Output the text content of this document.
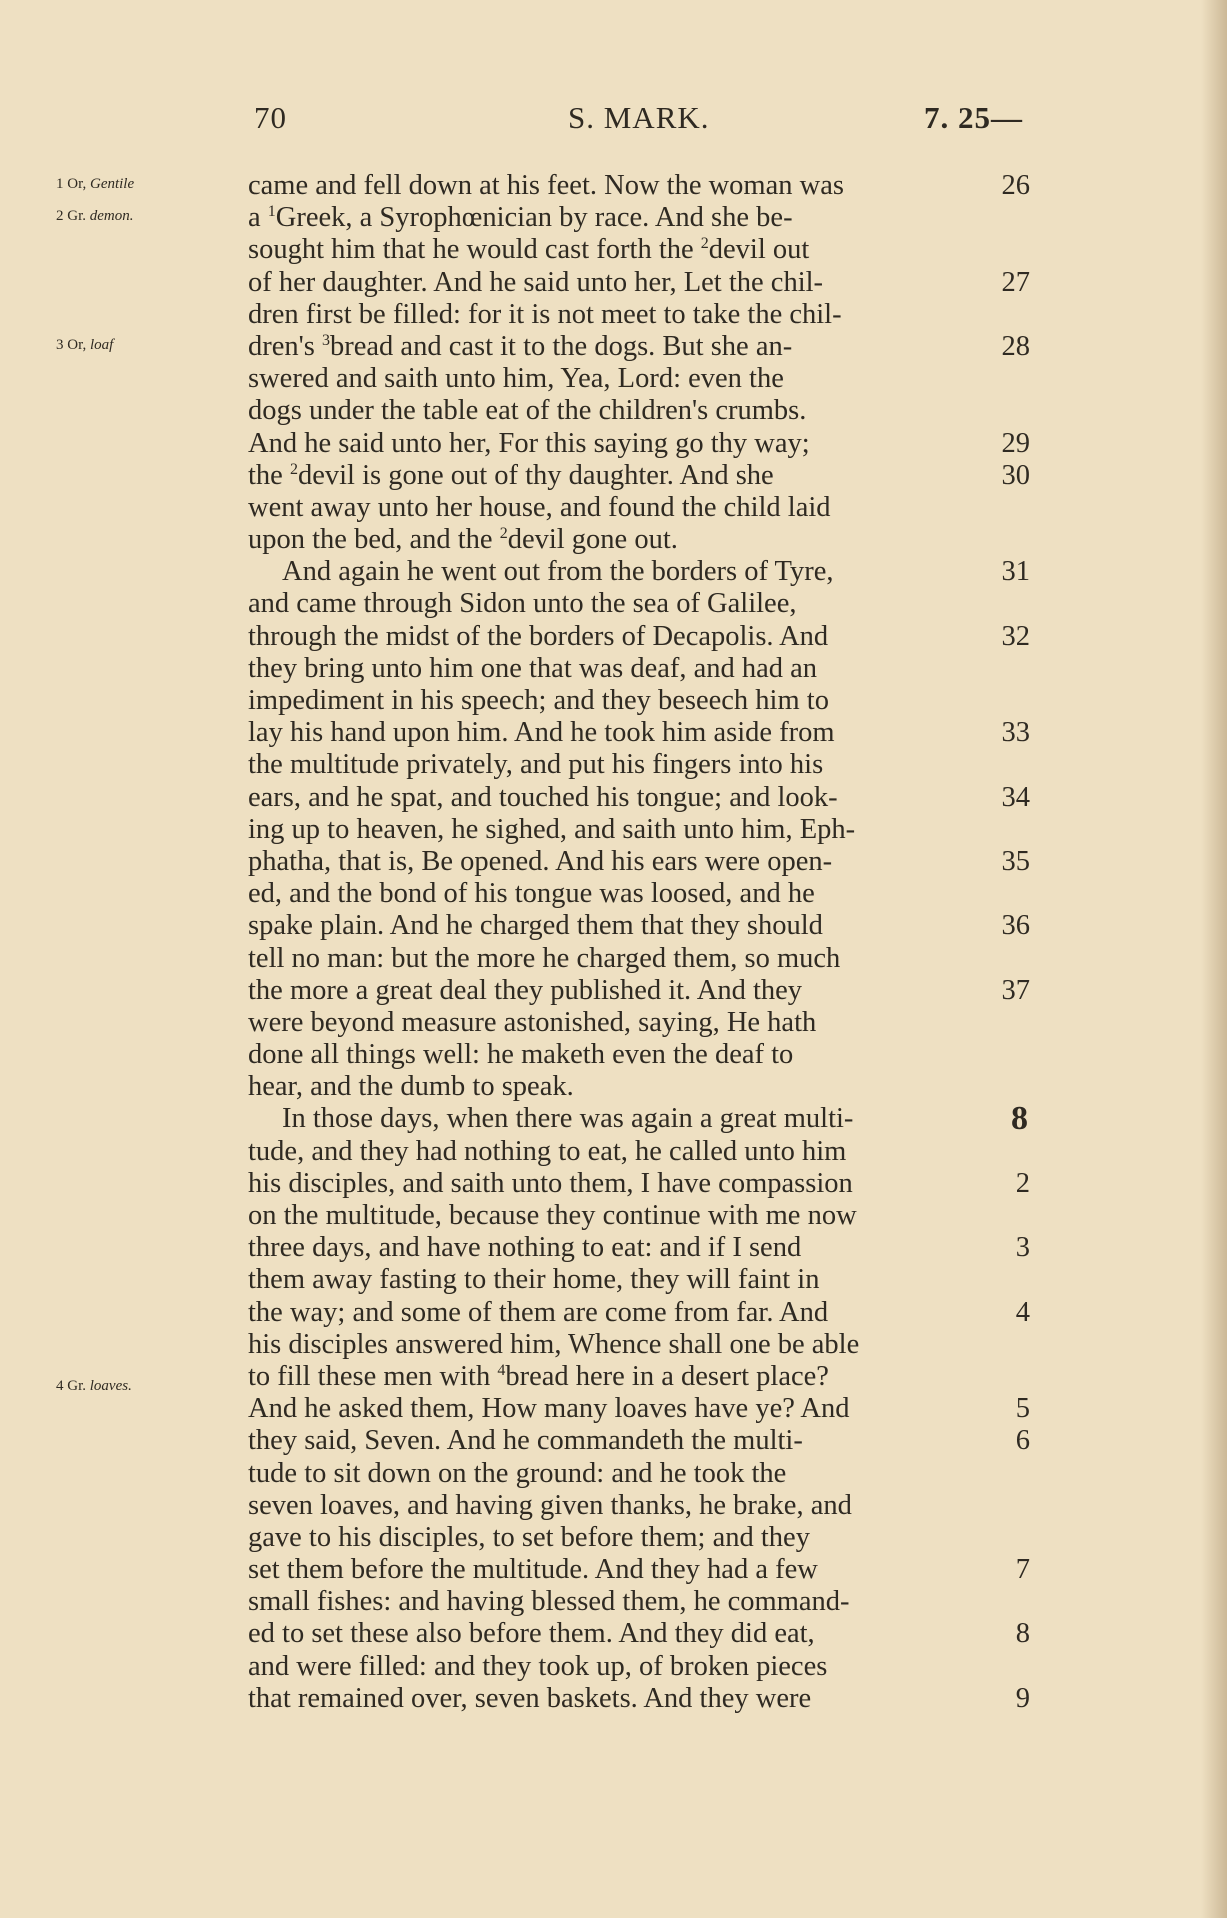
70	S. MARK.	7. 25—
1 Or, Gentile
2 Gr. demon.
3 Or, loaf
4 Gr. loaves.
came and fell down at his feet. Now the woman was	26
a $^1$Greek, a Syrophœnician by race. And she be-
sought him that he would cast forth the $^2$devil out
of her daughter. And he said unto her, Let the chil-	27
dren first be filled: for it is not meet to take the chil-
dren's $^3$bread and cast it to the dogs. But she an-	28
swered and saith unto him, Yea, Lord: even the
dogs under the table eat of the children's crumbs.
And he said unto her, For this saying go thy way;	29
the $^2$devil is gone out of thy daughter. And she	30
went away unto her house, and found the child laid
upon the bed, and the $^2$devil gone out.
And again he went out from the borders of Tyre,	31
and came through Sidon unto the sea of Galilee,
through the midst of the borders of Decapolis. And	32
they bring unto him one that was deaf, and had an
impediment in his speech; and they beseech him to
lay his hand upon him. And he took him aside from	33
the multitude privately, and put his fingers into his
ears, and he spat, and touched his tongue; and look-	34
ing up to heaven, he sighed, and saith unto him, Eph-
phatha, that is, Be opened. And his ears were open-	35
ed, and the bond of his tongue was loosed, and he
spake plain. And he charged them that they should	36
tell no man: but the more he charged them, so much
the more a great deal they published it. And they	37
were beyond measure astonished, saying, He hath
done all things well: he maketh even the deaf to
hear, and the dumb to speak.
In those days, when there was again a great multi-	8
tude, and they had nothing to eat, he called unto him
his disciples, and saith unto them, I have compassion	2
on the multitude, because they continue with me now
three days, and have nothing to eat: and if I send	3
them away fasting to their home, they will faint in
the way; and some of them are come from far. And	4
his disciples answered him, Whence shall one be able
to fill these men with $^4$bread here in a desert place?
And he asked them, How many loaves have ye? And	5
they said, Seven. And he commandeth the multi-	6
tude to sit down on the ground: and he took the
seven loaves, and having given thanks, he brake, and
gave to his disciples, to set before them; and they
set them before the multitude. And they had a few	7
small fishes: and having blessed them, he command-
ed to set these also before them. And they did eat,	8
and were filled: and they took up, of broken pieces
that remained over, seven baskets. And they were	9
